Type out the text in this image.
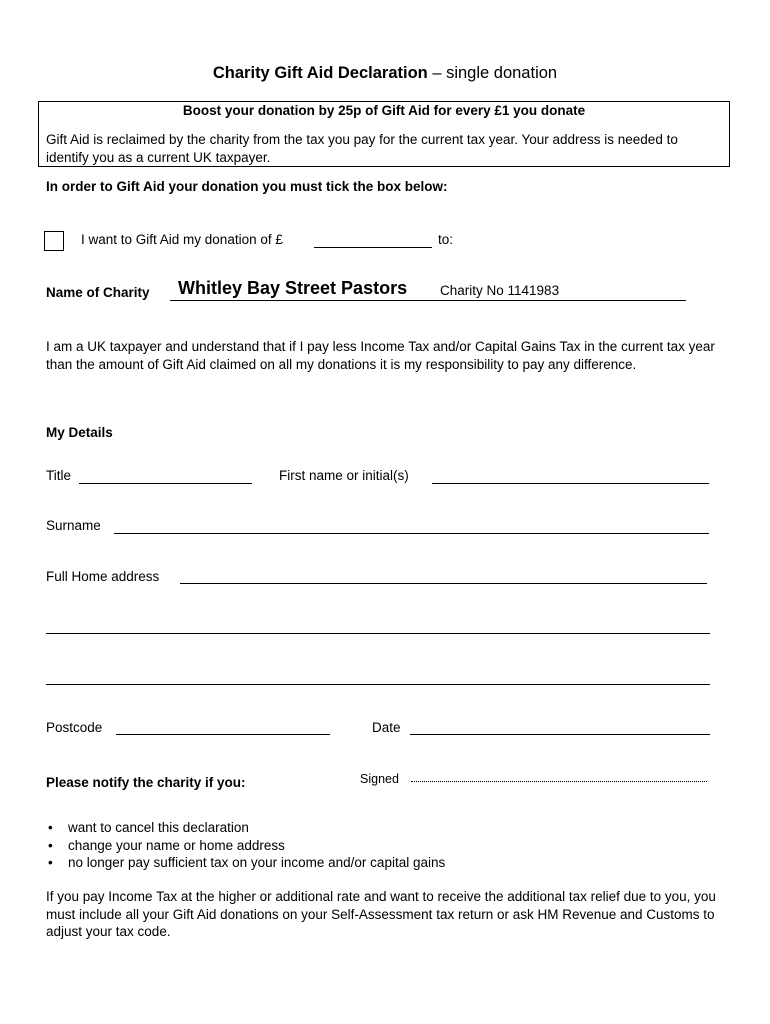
Charity Gift Aid Declaration – single donation
Boost your donation by 25p of Gift Aid for every £1 you donate
Gift Aid is reclaimed by the charity from the tax you pay for the current tax year. Your address is needed to identify you as a current UK taxpayer.
In order to Gift Aid your donation you must tick the box below:
I want to Gift Aid my donation of £	to:
Name of Charity Whitley Bay Street Pastors Charity No 1141983
I am a UK taxpayer and understand that if I pay less Income Tax and/or Capital Gains Tax in the current tax year than the amount of Gift Aid claimed on all my donations it is my responsibility to pay any difference.
My Details
Title	First name or initial(s)
Surname
Full Home address
Postcode	Date
Please notify the charity if you:	Signed
• want to cancel this declaration
• change your name or home address
• no longer pay sufficient tax on your income and/or capital gains
If you pay Income Tax at the higher or additional rate and want to receive the additional tax relief due to you, you must include all your Gift Aid donations on your Self-Assessment tax return or ask HM Revenue and Customs to adjust your tax code.
